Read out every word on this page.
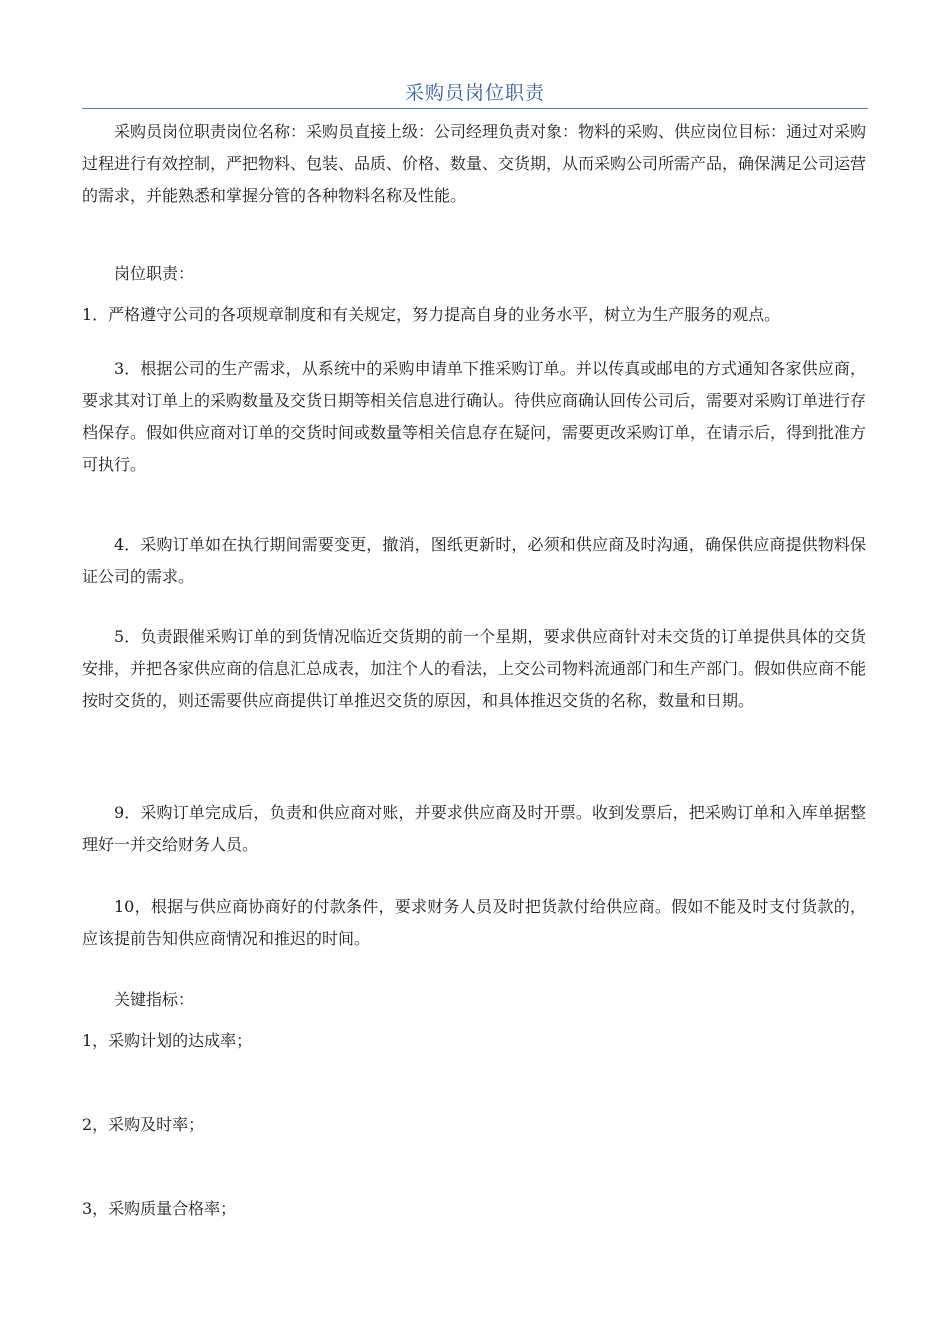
采购员岗位职责

采购员岗位职责岗位名称：采购员直接上级：公司经理负责对象：物料的采购、供应岗位目标：通过对采购过程进行有效控制，严把物料、包装、品质、价格、数量、交货期，从而采购公司所需产品，确保满足公司运营的需求，并能熟悉和掌握分管的各种物料名称及性能。

岗位职责：

1．严格遵守公司的各项规章制度和有关规定，努力提高自身的业务水平，树立为生产服务的观点。

3．根据公司的生产需求，从系统中的采购申请单下推采购订单。并以传真或邮电的方式通知各家供应商，要求其对订单上的采购数量及交货日期等相关信息进行确认。待供应商确认回传公司后，需要对采购订单进行存档保存。假如供应商对订单的交货时间或数量等相关信息存在疑问，需要更改采购订单，在请示后，得到批准方可执行。

4．采购订单如在执行期间需要变更，撤消，图纸更新时，必须和供应商及时沟通，确保供应商提供物料保证公司的需求。

5．负责跟催采购订单的到货情况临近交货期的前一个星期，要求供应商针对未交货的订单提供具体的交货安排，并把各家供应商的信息汇总成表，加注个人的看法，上交公司物料流通部门和生产部门。假如供应商不能按时交货的，则还需要供应商提供订单推迟交货的原因，和具体推迟交货的名称，数量和日期。

9．采购订单完成后，负责和供应商对账，并要求供应商及时开票。收到发票后，把采购订单和入库单据整理好一并交给财务人员。

10，根据与供应商协商好的付款条件，要求财务人员及时把货款付给供应商。假如不能及时支付货款的，应该提前告知供应商情况和推迟的时间。

关键指标：

1，采购计划的达成率；

2，采购及时率；

3，采购质量合格率；
